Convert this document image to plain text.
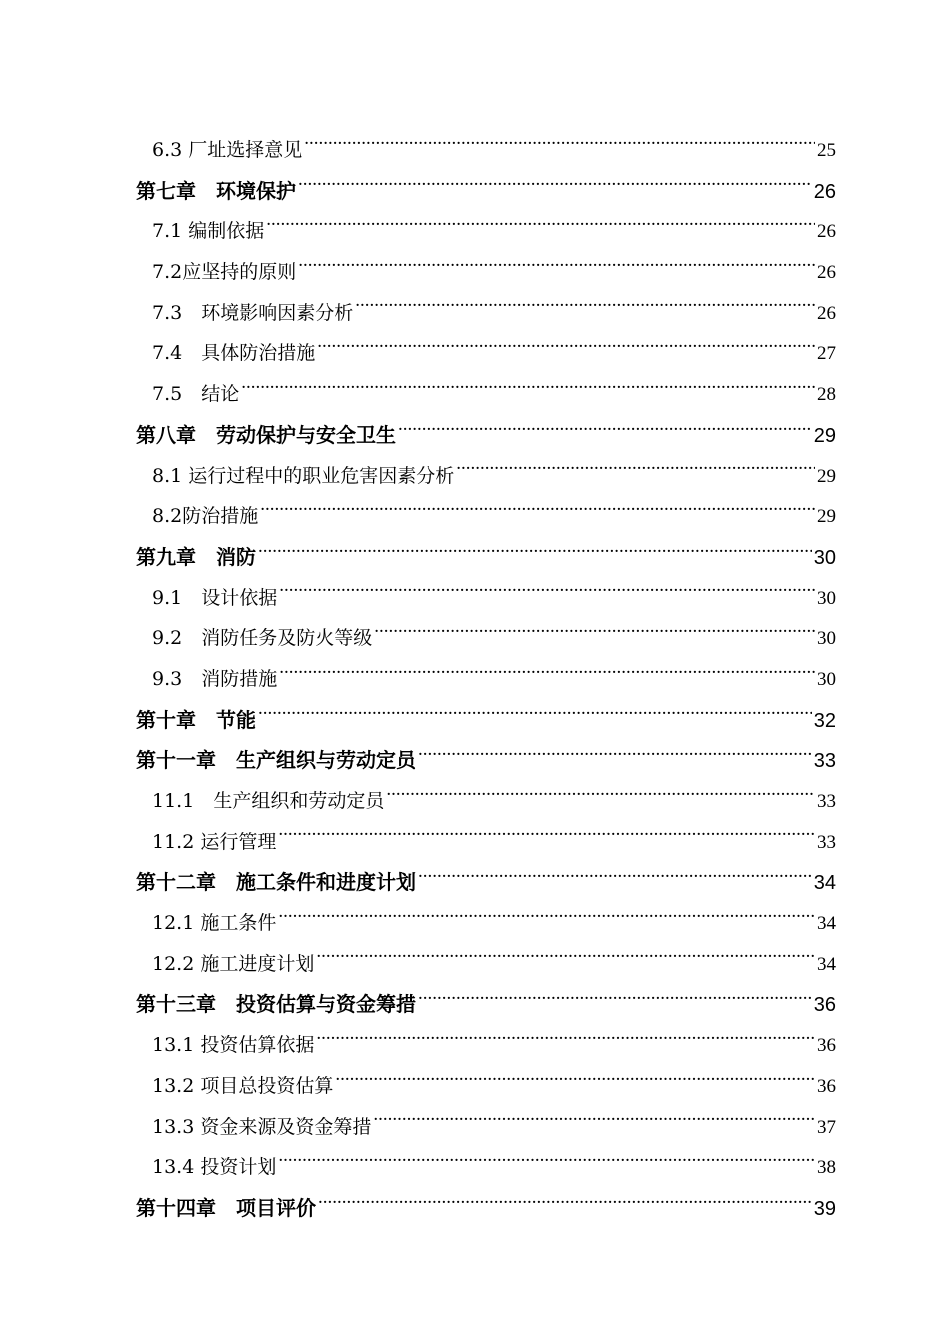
6.3 厂址选择意见 .....	25
第七章　 环境保护 .....	26
7.1 编制依据 .....	26
7.2 应坚持的原则 .....	26
7.3　 环境影响因素分析 .....	26
7.4　 具体防治措施 .....	27
7.5　 结论 .....	28
第八章　 劳动保护与安全卫生 .....	29
8.1 运行过程中的职业危害因素分析 .....	29
8.2 防治措施 .....	29
第九章　 消防 .....	30
9.1　 设计依据 .....	30
9.2　 消防任务及防火等级 .....	30
9.3　 消防措施 .....	30
第十章　 节能 .....	32
第十一章　 生产组织与劳动定员 .....	33
11.1　 生产组织和劳动定员 .....	33
11.2 运行管理 .....	33
第十二章　 施工条件和进度计划 .....	34
12.1 施工条件 .....	34
12.2 施工进度计划 .....	34
第十三章　 投资估算与资金筹措 .....	36
13.1 投资估算依据 .....	36
13.2 项目总投资估算 .....	36
13.3 资金来源及资金筹措 .....	37
13.4 投资计划 .....	38
第十四章　 项目评价 .....	39
